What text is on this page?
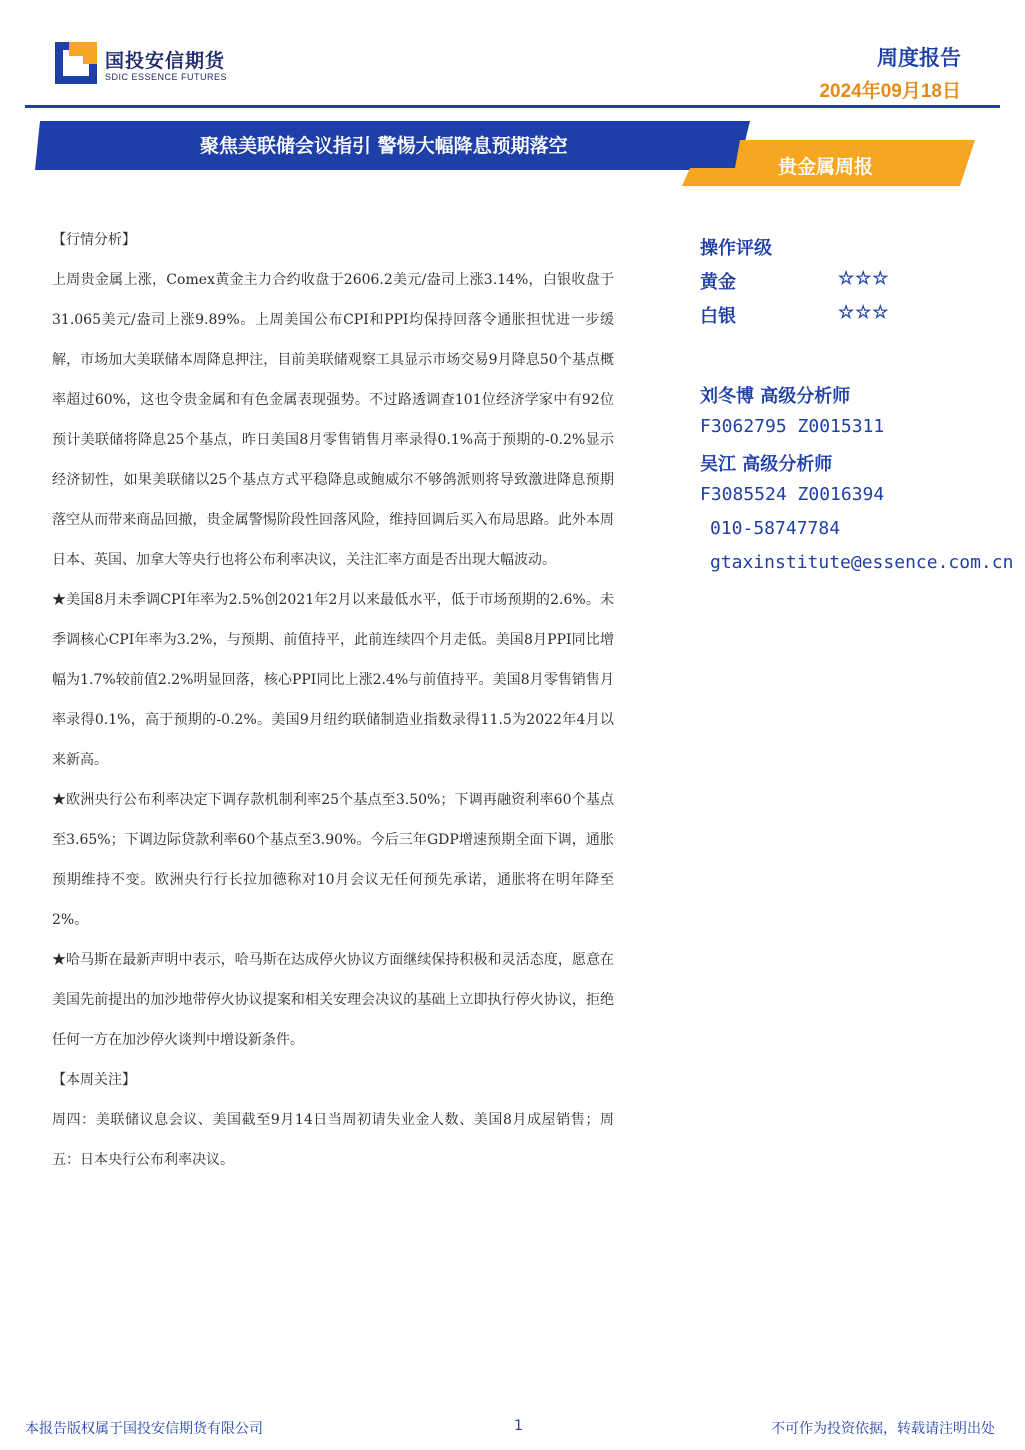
国投安信期货
SDIC ESSENCE FUTURES
周度报告
2024年09月18日
聚焦美联储会议指引 警惕大幅降息预期落空
贵金属周报

【行情分析】

上周贵金属上涨，Comex黄金主力合约收盘于2606.2美元/盎司上涨3.14%，白银收盘于31.065美元/盎司上涨9.89%。上周美国公布CPI和PPI均保持回落令通胀担忧进一步缓解，市场加大美联储本周降息押注，目前美联储观察工具显示市场交易9月降息50个基点概率超过60%，这也令贵金属和有色金属表现强势。不过路透调查101位经济学家中有92位预计美联储将降息25个基点，昨日美国8月零售销售月率录得0.1%高于预期的-0.2%显示经济韧性，如果美联储以25个基点方式平稳降息或鲍威尔不够鸽派则将导致激进降息预期落空从而带来商品回撤，贵金属警惕阶段性回落风险，维持回调后买入布局思路。此外本周日本、英国、加拿大等央行也将公布利率决议，关注汇率方面是否出现大幅波动。

★美国8月未季调CPI年率为2.5%创2021年2月以来最低水平，低于市场预期的2.6%。未季调核心CPI年率为3.2%，与预期、前值持平，此前连续四个月走低。美国8月PPI同比增幅为1.7%较前值2.2%明显回落，核心PPI同比上涨2.4%与前值持平。美国8月零售销售月率录得0.1%，高于预期的-0.2%。美国9月纽约联储制造业指数录得11.5为2022年4月以来新高。

★欧洲央行公布利率决定下调存款机制利率25个基点至3.50%；下调再融资利率60个基点至3.65%；下调边际贷款利率60个基点至3.90%。今后三年GDP增速预期全面下调，通胀预期维持不变。欧洲央行行长拉加德称对10月会议无任何预先承诺，通胀将在明年降至2%。

★哈马斯在最新声明中表示，哈马斯在达成停火协议方面继续保持积极和灵活态度，愿意在美国先前提出的加沙地带停火协议提案和相关安理会决议的基础上立即执行停火协议，拒绝任何一方在加沙停火谈判中增设新条件。

【本周关注】

周四：美联储议息会议、美国截至9月14日当周初请失业金人数、美国8月成屋销售；周五：日本央行公布利率决议。

操作评级
黄金	☆☆☆
白银	☆☆☆
刘冬博 高级分析师
F3062795 Z0015311
吴江 高级分析师
F3085524 Z0016394
010-58747784
gtaxinstitute@essence.com.cn
本报告版权属于国投安信期货有限公司	1	不可作为投资依据，转载请注明出处
